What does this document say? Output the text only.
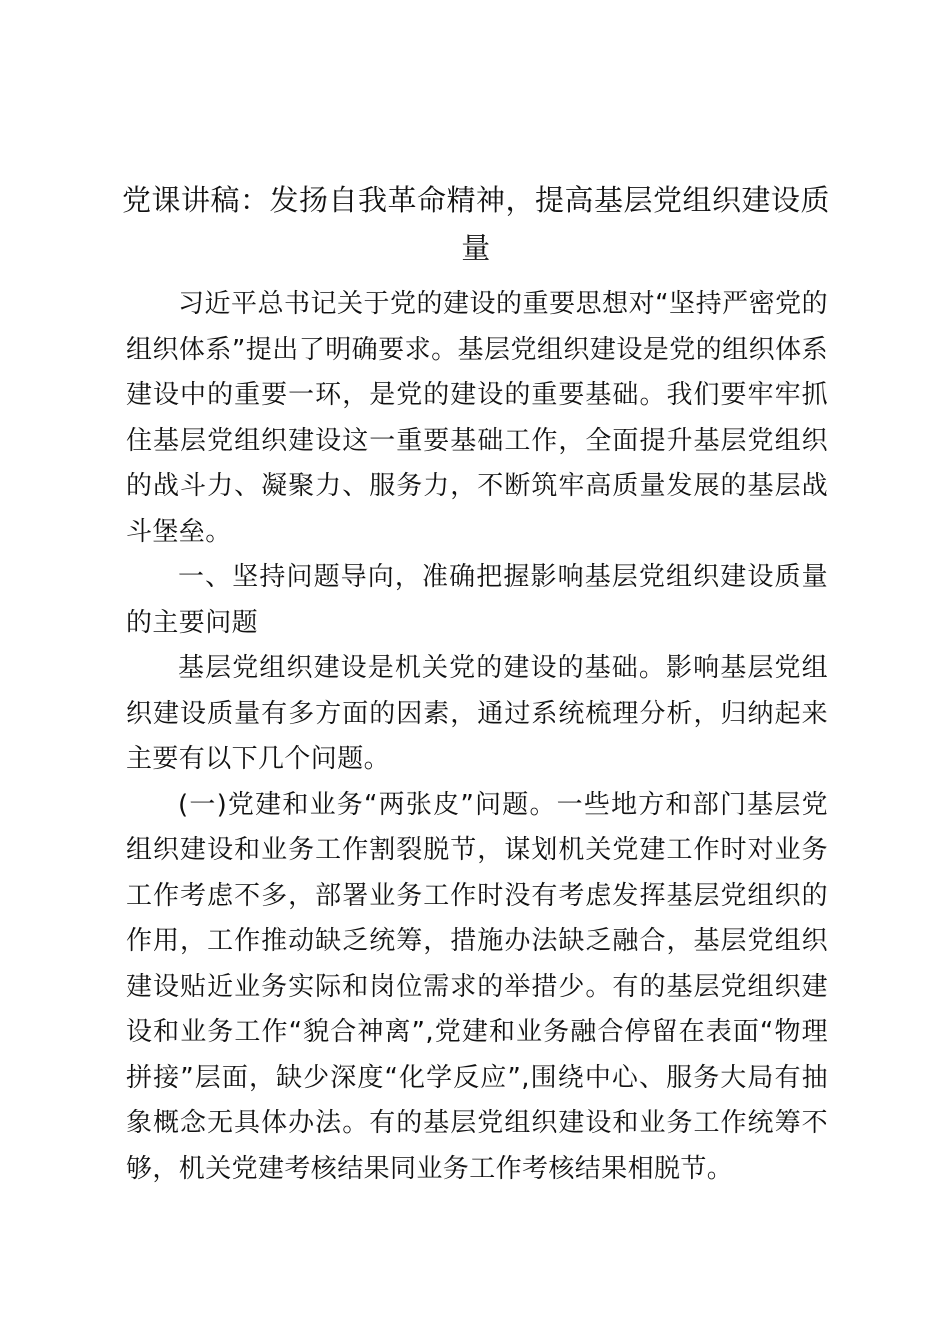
党课讲稿：发扬自我革命精神，提高基层党组织建设质量

习近平总书记关于党的建设的重要思想对“坚持严密党的组织体系”提出了明确要求。基层党组织建设是党的组织体系建设中的重要一环，是党的建设的重要基础。我们要牢牢抓住基层党组织建设这一重要基础工作，全面提升基层党组织的战斗力、凝聚力、服务力，不断筑牢高质量发展的基层战斗堡垒。

一、坚持问题导向，准确把握影响基层党组织建设质量的主要问题

基层党组织建设是机关党的建设的基础。影响基层党组织建设质量有多方面的因素，通过系统梳理分析，归纳起来主要有以下几个问题。

(一)党建和业务“两张皮”问题。一些地方和部门基层党组织建设和业务工作割裂脱节，谋划机关党建工作时对业务工作考虑不多，部署业务工作时没有考虑发挥基层党组织的作用，工作推动缺乏统筹，措施办法缺乏融合，基层党组织建设贴近业务实际和岗位需求的举措少。有的基层党组织建设和业务工作“貌合神离”,党建和业务融合停留在表面“物理拼接”层面，缺少深度“化学反应”,围绕中心、服务大局有抽象概念无具体办法。有的基层党组织建设和业务工作统筹不够，机关党建考核结果同业务工作考核结果相脱节。
